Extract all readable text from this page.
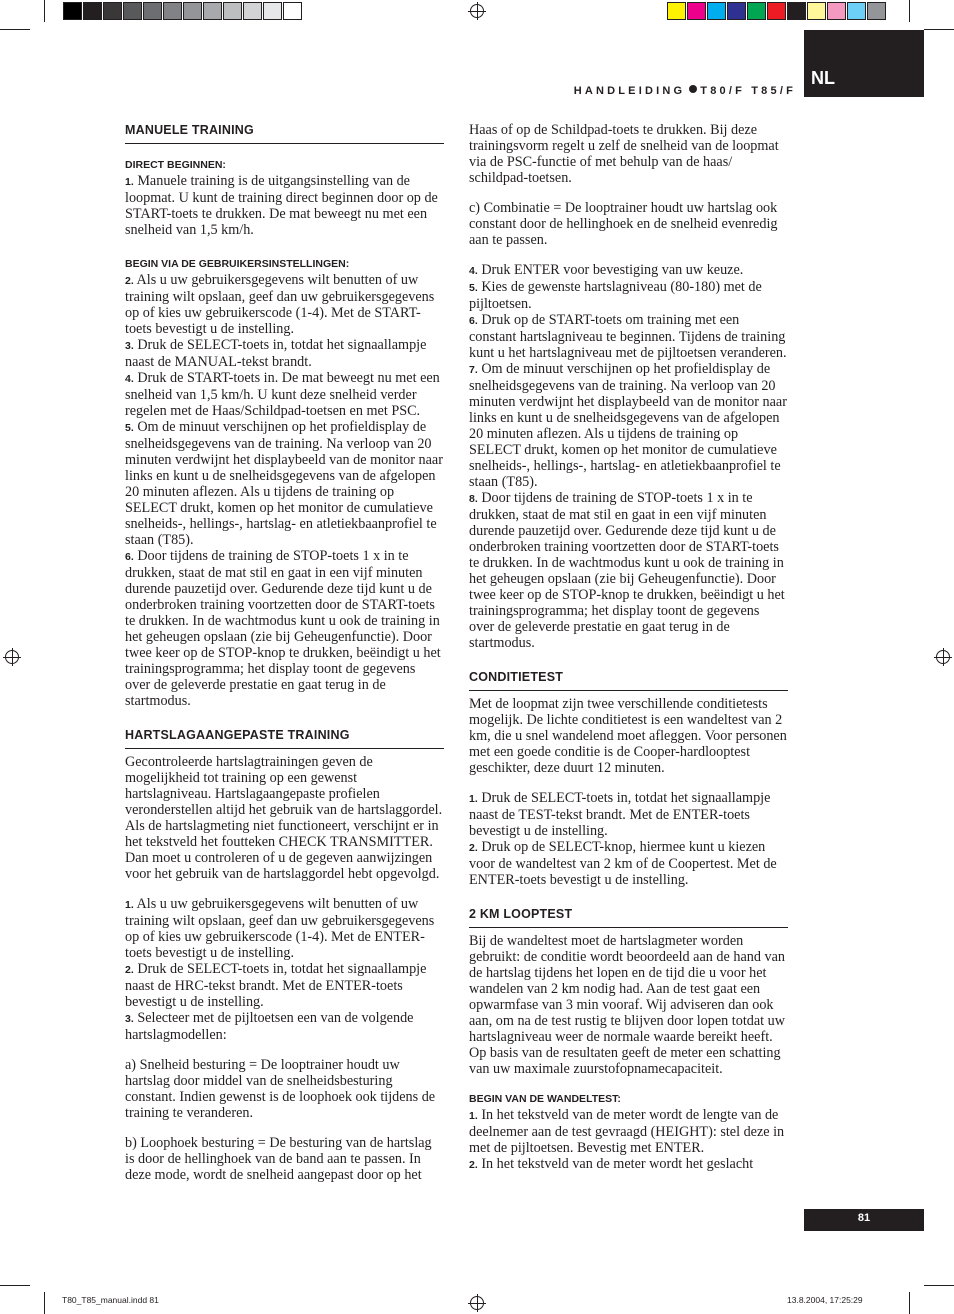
HANDLEIDING T80/F T85/F
NL
MANUELE TRAINING
DIRECT BEGINNEN:

1. Manuele training is de uitgangsinstelling van de loopmat. U kunt de training direct beginnen door op de START-toets te drukken. De mat beweegt nu met een snelheid van 1,5 km/h.

BEGIN VIA DE GEBRUIKERSINSTELLINGEN:

2. Als u uw gebruikersgegevens wilt benutten of uw training wilt opslaan, geef dan uw gebruikersgegevens op of kies uw gebruikerscode (1-4). Met de START-toets bevestigt u de instelling.

3. Druk de SELECT-toets in, totdat het signaallampje naast de MANUAL-tekst brandt.

4. Druk de START-toets in. De mat beweegt nu met een snelheid van 1,5 km/h. U kunt deze snelheid verder regelen met de Haas/Schildpad-toetsen en met PSC.

5. Om de minuut verschijnen op het profieldisplay de snelheidsgegevens van de training. Na verloop van 20 minuten verdwijnt het displaybeeld van de monitor naar links en kunt u de snelheidsgegevens van de afgelopen 20 minuten aflezen. Als u tijdens de training op SELECT drukt, komen op het monitor de cumulatieve snelheids-, hellings-, hartslag- en atletiekbaanprofiel te staan (T85).

6. Door tijdens de training de STOP-toets 1 x in te drukken, staat de mat stil en gaat in een vijf minuten durende pauzetijd over. Gedurende deze tijd kunt u de onderbroken training voortzetten door de START-toets te drukken. In de wachtmodus kunt u ook de training in het geheugen opslaan (zie bij Geheugenfunctie). Door twee keer op de STOP-knop te drukken, beëindigt u het trainingsprogramma; het display toont de gegevens over de geleverde prestatie en gaat terug in de startmodus.

HARTSLAGAANGEPASTE TRAINING

Gecontroleerde hartslagtrainingen geven de mogelijkheid tot training op een gewenst hartslagniveau. Hartslagaangepaste profielen veronderstellen altijd het gebruik van de hartslaggordel. Als de hartslagmeting niet functioneert, verschijnt er in het tekstveld het foutteken CHECK TRANSMITTER. Dan moet u controleren of u de gegeven aanwijzingen voor het gebruik van de hartslaggordel hebt opgevolgd.

1. Als u uw gebruikersgegevens wilt benutten of uw training wilt opslaan, geef dan uw gebruikersgegevens op of kies uw gebruikerscode (1-4). Met de ENTER-toets bevestigt u de instelling.

2. Druk de SELECT-toets in, totdat het signaallampje naast de HRC-tekst brandt. Met de ENTER-toets bevestigt u de instelling.

3. Selecteer met de pijltoetsen een van de volgende hartslagmodellen:

a) Snelheid besturing = De looptrainer houdt uw hartslag door middel van de snelheidsbesturing constant. Indien gewenst is de loophoek ook tijdens de training te veranderen.

b) Loophoek besturing = De besturing van de hartslag is door de hellinghoek van de band aan te passen. In deze mode, wordt de snelheid aangepast door op het

Haas of op de Schildpad-toets te drukken. Bij deze trainingsvorm regelt u zelf de snelheid van de loopmat via de PSC-functie of met behulp van de haas/ schildpad-toetsen.

c) Combinatie = De looptrainer houdt uw hartslag ook constant door de hellinghoek en de snelheid evenredig aan te passen.

4. Druk ENTER voor bevestiging van uw keuze.

5. Kies de gewenste hartslagniveau (80-180) met de pijltoetsen.

6. Druk op de START-toets om training met een constant hartslagniveau te beginnen. Tijdens de training kunt u het hartslagniveau met de pijltoetsen veranderen.

7. Om de minuut verschijnen op het profieldisplay de snelheidsgegevens van de training. Na verloop van 20 minuten verdwijnt het displaybeeld van de monitor naar links en kunt u de snelheidsgegevens van de afgelopen 20 minuten aflezen. Als u tijdens de training op SELECT drukt, komen op het monitor de cumulatieve snelheids-, hellings-, hartslag- en atletiekbaanprofiel te staan (T85).

8. Door tijdens de training de STOP-toets 1 x in te drukken, staat de mat stil en gaat in een vijf minuten durende pauzetijd over. Gedurende deze tijd kunt u de onderbroken training voortzetten door de START-toets te drukken. In de wachtmodus kunt u ook de training in het geheugen opslaan (zie bij Geheugenfunctie). Door twee keer op de STOP-knop te drukken, beëindigt u het trainingsprogramma; het display toont de gegevens over de geleverde prestatie en gaat terug in de startmodus.

CONDITIETEST

Met de loopmat zijn twee verschillende conditietests mogelijk. De lichte conditietest is een wandeltest van 2 km, die u snel wandelend moet afleggen. Voor personen met een goede conditie is de Cooper-hardlooptest geschikter, deze duurt 12 minuten.

1. Druk de SELECT-toets in, totdat het signaallampje naast de TEST-tekst brandt. Met de ENTER-toets bevestigt u de instelling.

2. Druk op de SELECT-knop, hiermee kunt u kiezen voor de wandeltest van 2 km of de Coopertest. Met de ENTER-toets bevestigt u de instelling.

2 KM LOOPTEST

Bij de wandeltest moet de hartslagmeter worden gebruikt: de conditie wordt beoordeeld aan de hand van de hartslag tijdens het lopen en de tijd die u voor het wandelen van 2 km nodig had. Aan de test gaat een opwarmfase van 3 min vooraf. Wij adviseren dan ook aan, om na de test rustig te blijven door lopen totdat uw hartslagniveau weer de normale waarde bereikt heeft. Op basis van de resultaten geeft de meter een schatting van uw maximale zuurstofopnamecapaciteit.

BEGIN VAN DE WANDELTEST:

1. In het tekstveld van de meter wordt de lengte van de deelnemer aan de test gevraagd (HEIGHT): stel deze in met de pijltoetsen. Bevestig met ENTER.

2. In het tekstveld van de meter wordt het geslacht

81
T80_T85_manual.indd 81	13.8.2004, 17:25:29
